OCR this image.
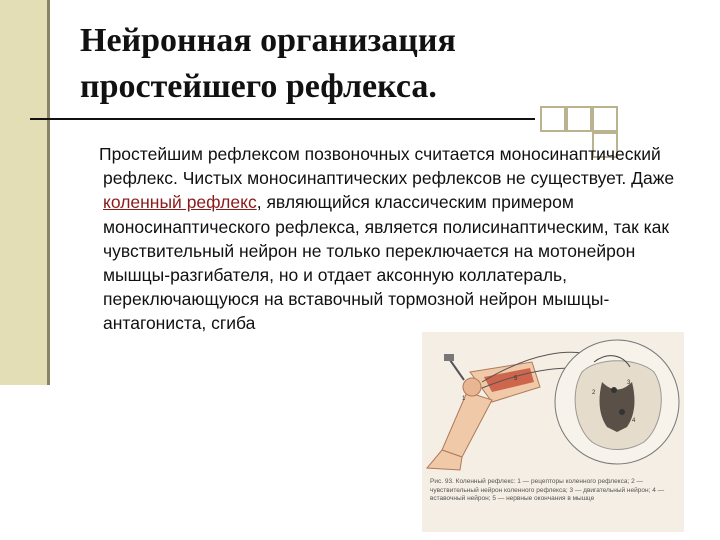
Нейронная организация
простейшего рефлекса.
Простейшим рефлексом позвоночных считается моносинаптический рефлекс. Чистых моносинаптических рефлексов не существует. Даже коленный рефлекс, являющийся классическим примером моносинаптического рефлекса, является полисинаптическим, так как чувствительный нейрон не только переключается на мотонейрон мышцы-разгибателя, но и отдает аксонную коллатераль, переключающуюся на вставочный тормозной нейрон мышцы-антагониста, сгиба
5
3
2
4
1
Рис. 93. Коленный рефлекс: 1 — рецепторы коленного рефлекса; 2 — чувствительный нейрон коленного рефлекса; 3 — двигательный нейрон; 4 — вставочный нейрон; 5 — нервные окончания в мышце
